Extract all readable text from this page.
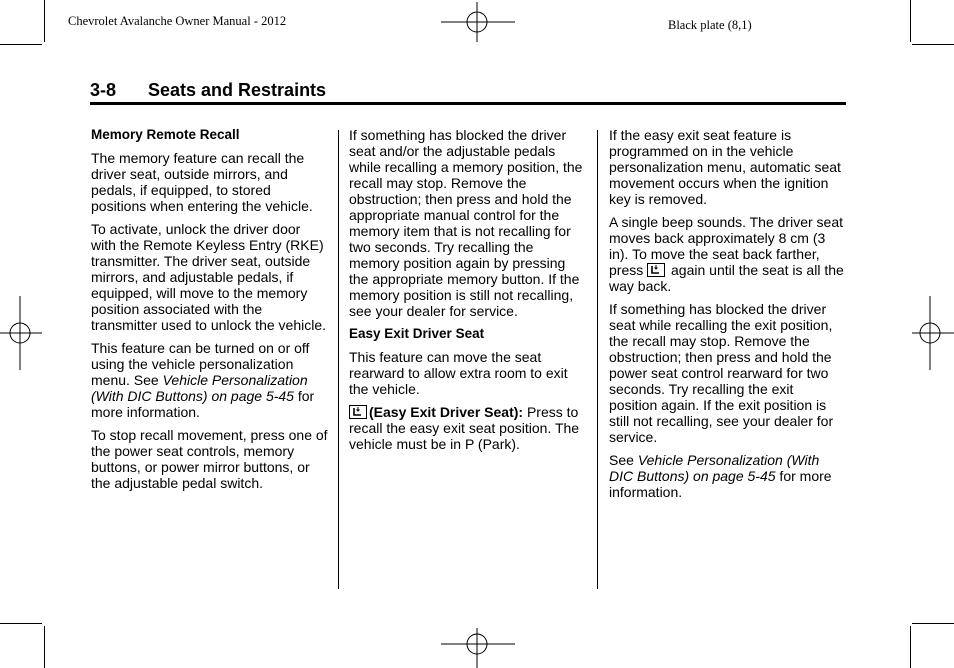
Chevrolet Avalanche Owner Manual - 2012	Black plate (8,1)
3-8 Seats and Restraints
Memory Remote Recall

The memory feature can recall the driver seat, outside mirrors, and pedals, if equipped, to stored positions when entering the vehicle.

To activate, unlock the driver door with the Remote Keyless Entry (RKE) transmitter. The driver seat, outside mirrors, and adjustable pedals, if equipped, will move to the memory position associated with the transmitter used to unlock the vehicle.

This feature can be turned on or off using the vehicle personalization menu. See Vehicle Personalization (With DIC Buttons) on page 5-45 for more information.

To stop recall movement, press one of the power seat controls, memory buttons, or power mirror buttons, or the adjustable pedal switch.

If something has blocked the driver seat and/or the adjustable pedals while recalling a memory position, the recall may stop. Remove the obstruction; then press and hold the appropriate manual control for the memory item that is not recalling for two seconds. Try recalling the memory position again by pressing the appropriate memory button. If the memory position is still not recalling, see your dealer for service.

Easy Exit Driver Seat

This feature can move the seat rearward to allow extra room to exit the vehicle.

(Easy Exit Driver Seat): Press to recall the easy exit seat position. The vehicle must be in P (Park).

If the easy exit seat feature is programmed on in the vehicle personalization menu, automatic seat movement occurs when the ignition key is removed.

A single beep sounds. The driver seat moves back approximately 8 cm (3 in). To move the seat back farther, press  again until the seat is all the way back.

If something has blocked the driver seat while recalling the exit position, the recall may stop. Remove the obstruction; then press and hold the power seat control rearward for two seconds. Try recalling the exit position again. If the exit position is still not recalling, see your dealer for service.

See Vehicle Personalization (With DIC Buttons) on page 5-45 for more information.
